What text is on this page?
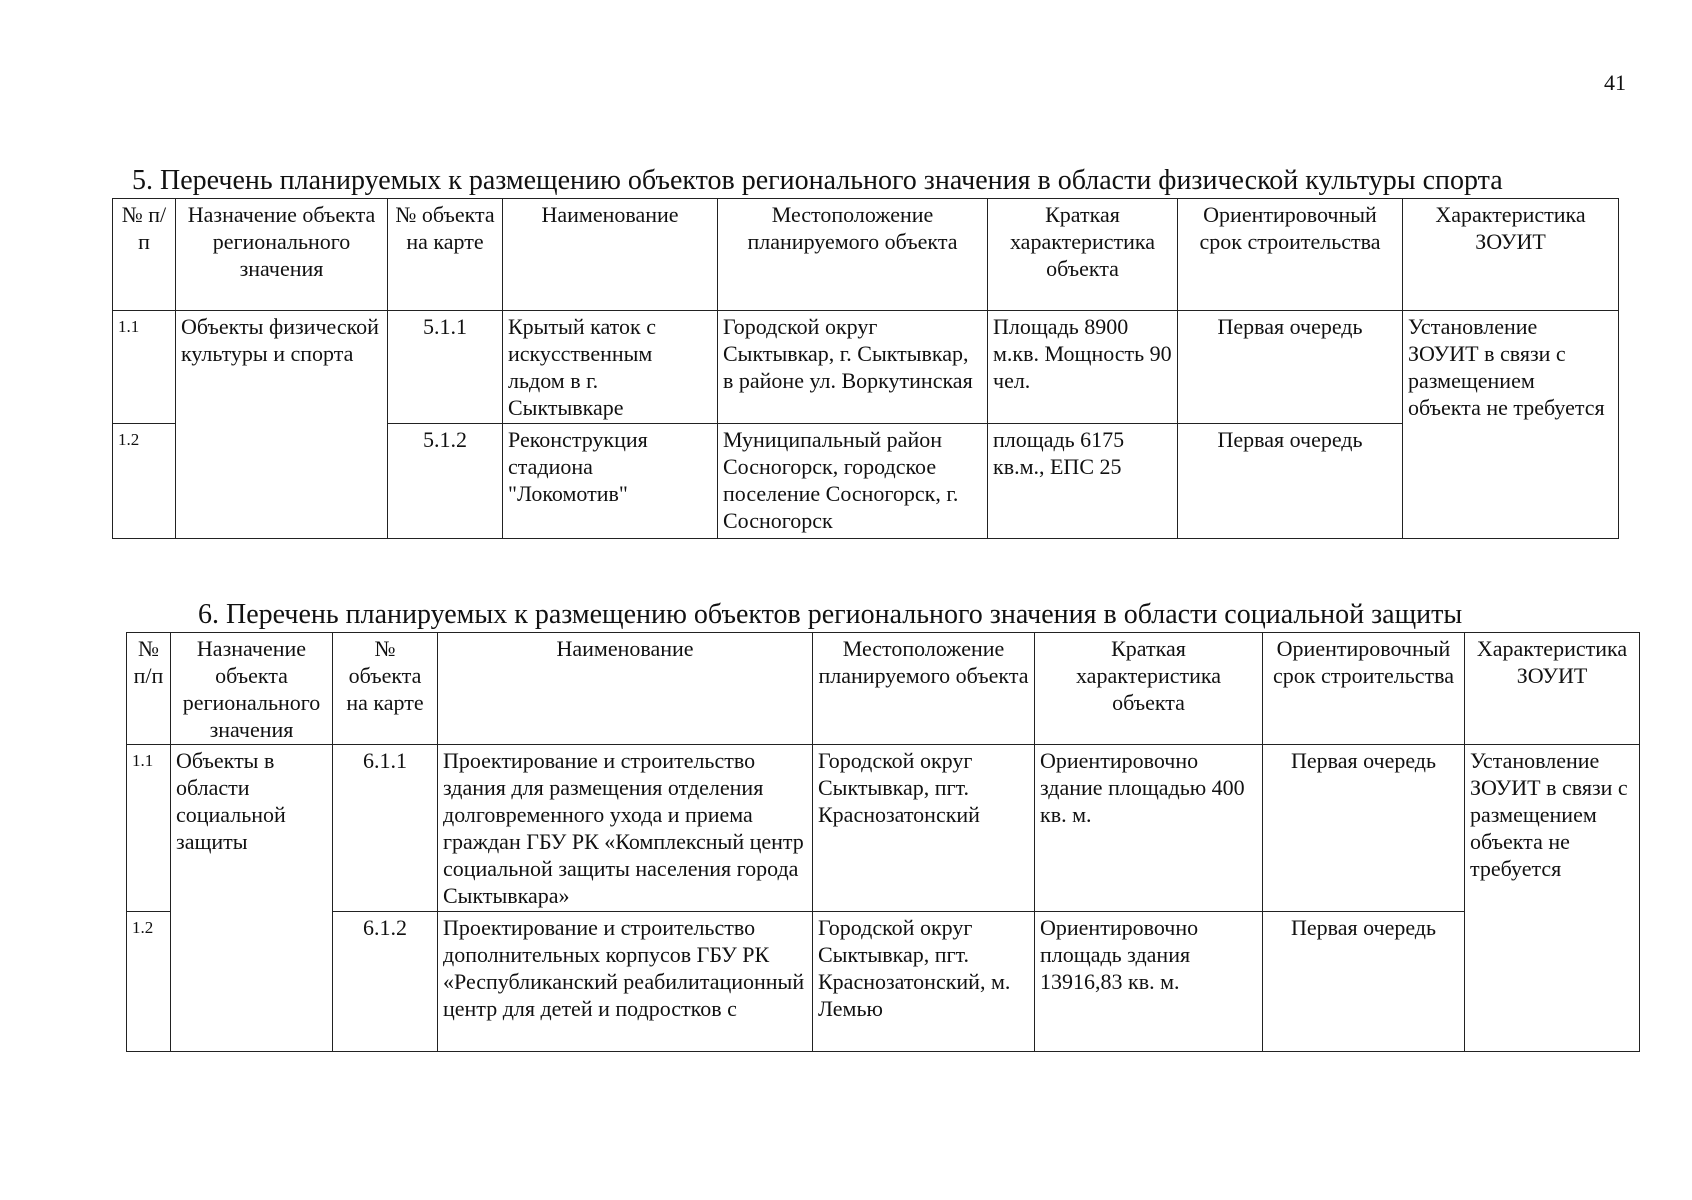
41
5. Перечень планируемых к размещению объектов регионального значения в области физической культуры спорта
№ п/п	Назначение объекта регионального значения	№ объекта на карте	Наименование	Местоположение планируемого объекта	Краткая характеристика объекта	Ориентировочный срок строительства	Характеристика ЗОУИТ
1.1	Объекты физической культуры и спорта	5.1.1	Крытый каток с искусственным льдом в г. Сыктывкаре	Городской округ Сыктывкар, г. Сыктывкар, в районе ул. Воркутинская	Площадь 8900 м.кв. Мощность 90 чел.	Первая очередь	Установление ЗОУИТ в связи с размещением объекта не требуется
1.2		5.1.2	Реконструкция стадиона "Локомотив"	Муниципальный район Сосногорск, городское поселение Сосногорск, г. Сосногорск	площадь 6175 кв.м., ЕПС 25	Первая очередь	
6. Перечень планируемых к размещению объектов регионального значения в области социальной защиты
№ п/п	Назначение объекта регионального значения	№ объекта на карте	Наименование	Местоположение планируемого объекта	Краткая характеристика объекта	Ориентировочный срок строительства	Характеристика ЗОУИТ
1.1	Объекты в области социальной защиты	6.1.1	Проектирование и строительство здания для размещения отделения долговременного ухода и приема граждан ГБУ РК «Комплексный центр социальной защиты населения города Сыктывкара»	Городской округ Сыктывкар, пгт. Краснозатонский	Ориентировочно здание площадью 400 кв. м.	Первая очередь	Установление ЗОУИТ в связи с размещением объекта не требуется
1.2		6.1.2	Проектирование и строительство дополнительных корпусов ГБУ РК «Республиканский реабилитационный центр для детей и подростков с	Городской округ Сыктывкар, пгт. Краснозатонский, м. Лемью	Ориентировочно площадь здания 13916,83 кв. м.	Первая очередь	
